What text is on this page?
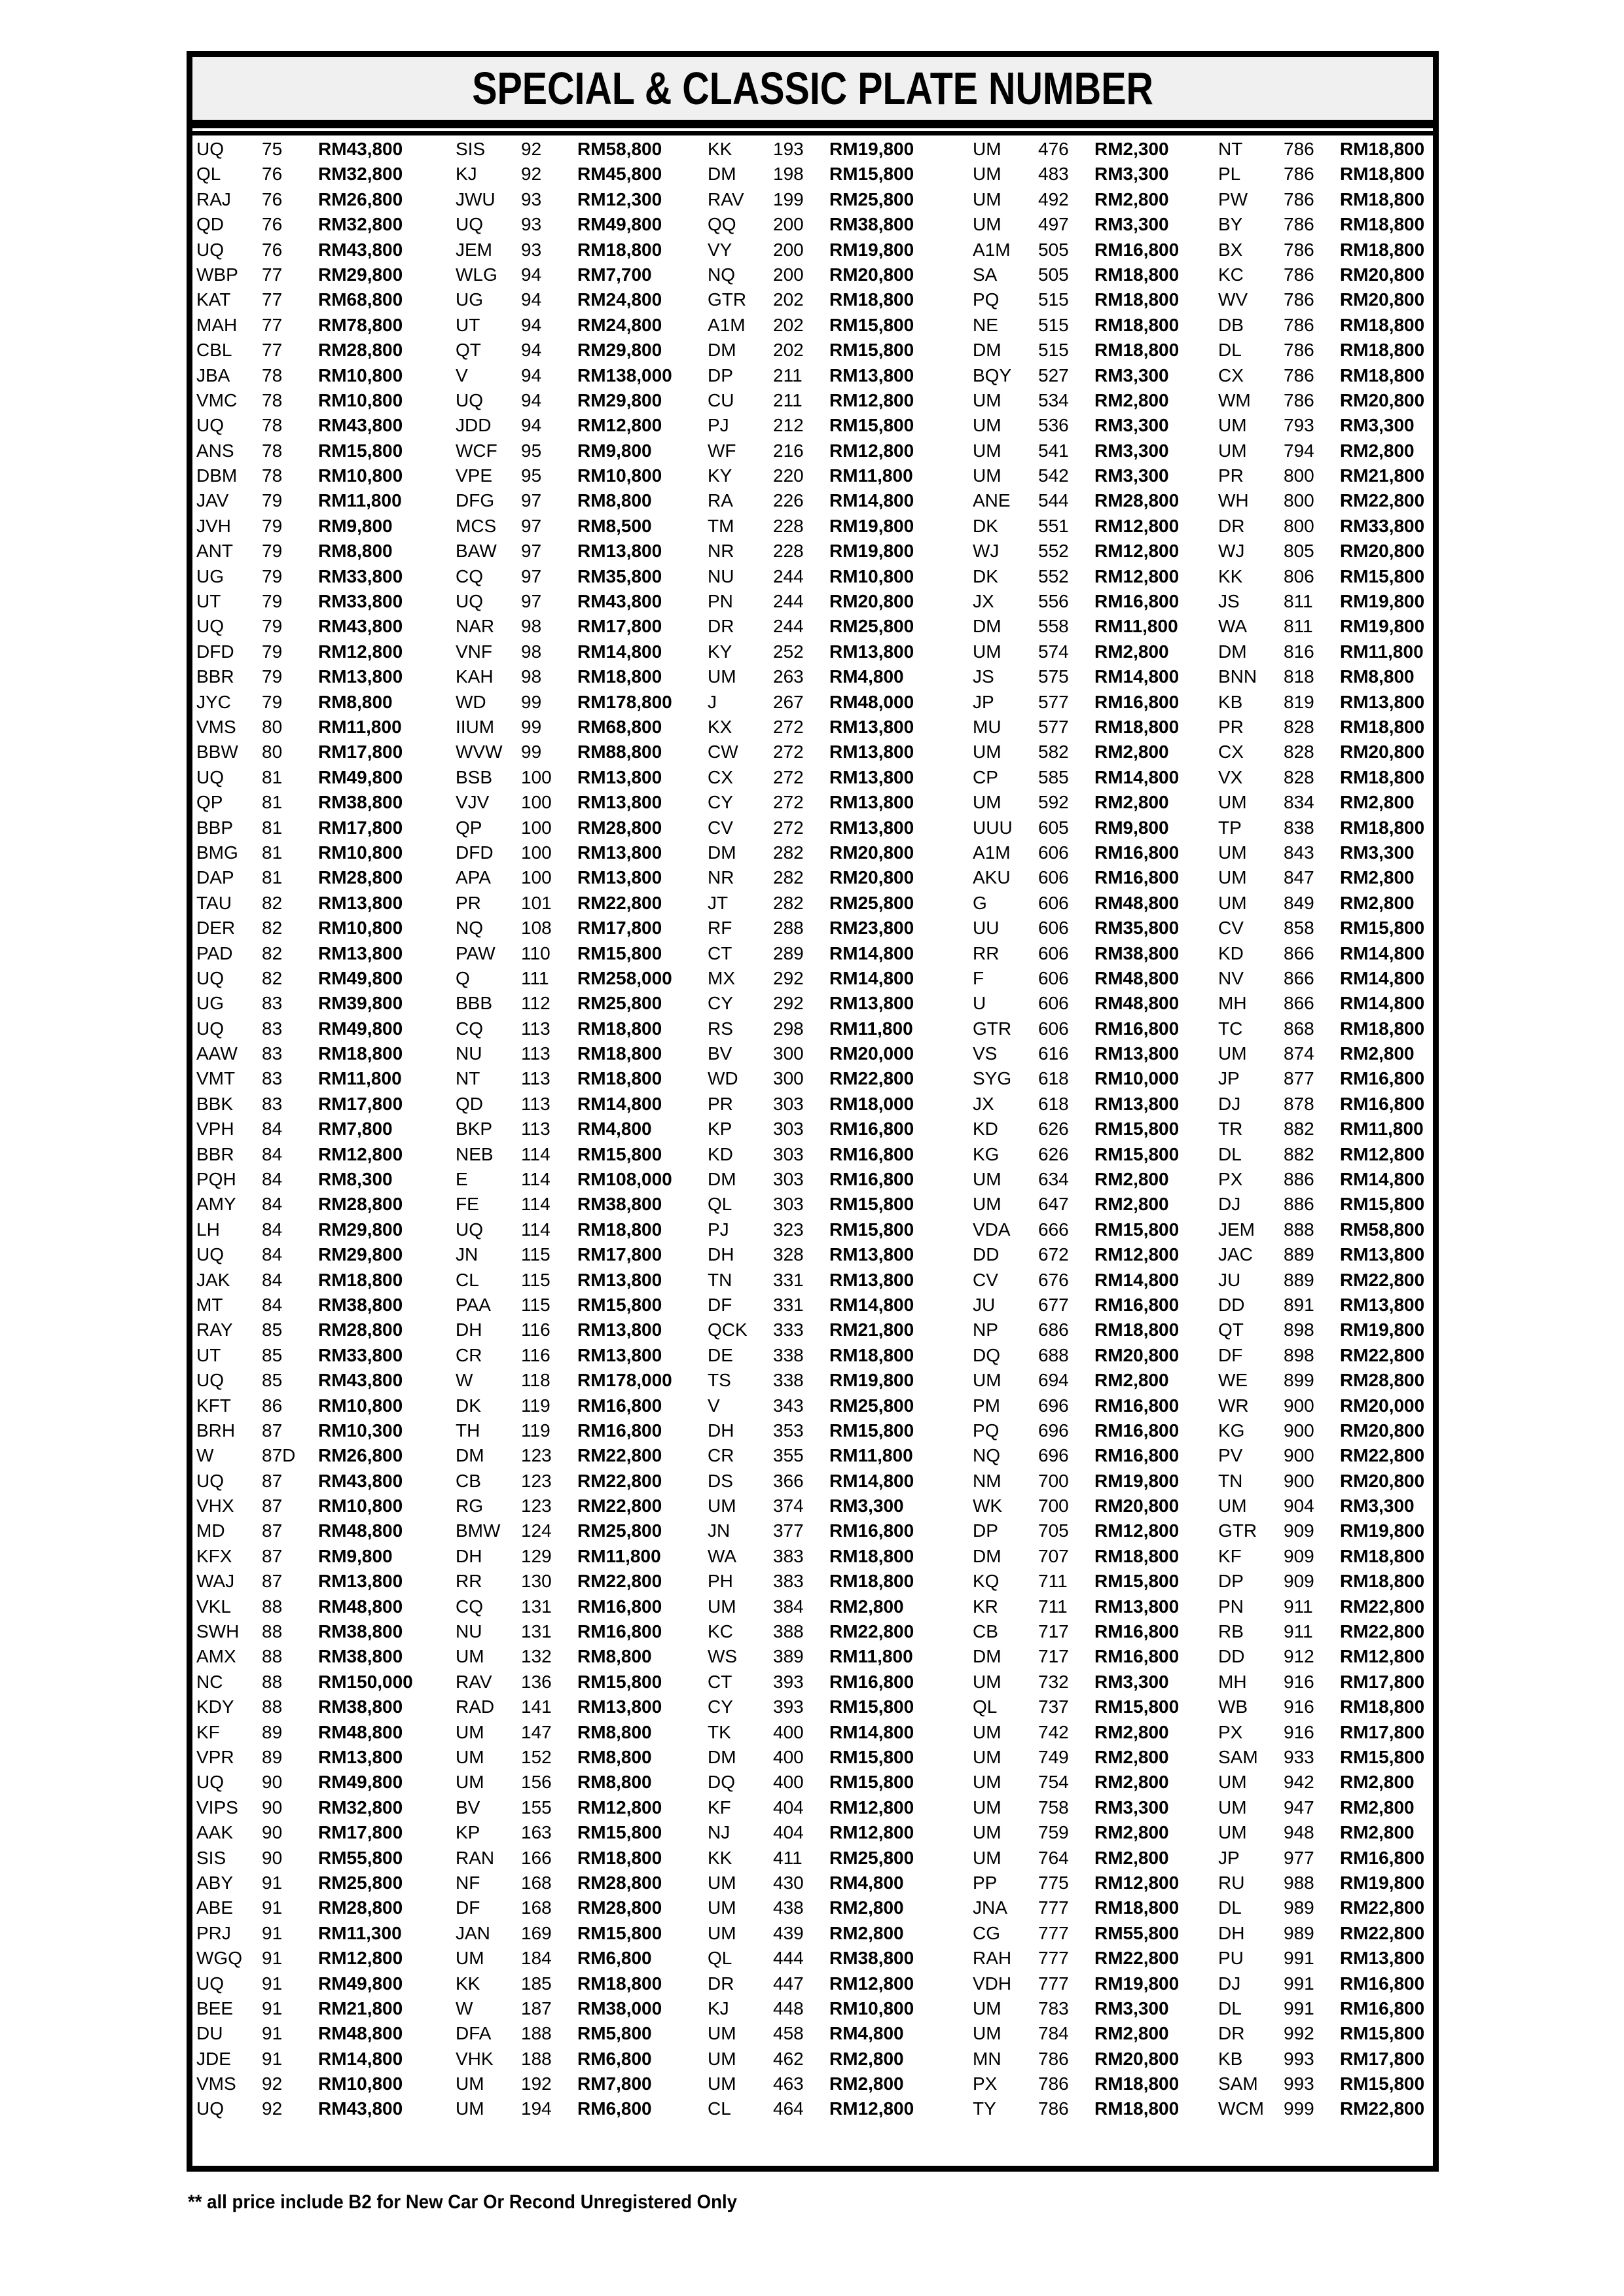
SPECIAL & CLASSIC PLATE NUMBER
UQ	75	RM43,800	SIS	92	RM58,800	KK	193	RM19,800	UM	476	RM2,300	NT	786	RM18,800
QL	76	RM32,800	KJ	92	RM45,800	DM	198	RM15,800	UM	483	RM3,300	PL	786	RM18,800
RAJ	76	RM26,800	JWU	93	RM12,300	RAV	199	RM25,800	UM	492	RM2,800	PW	786	RM18,800
QD	76	RM32,800	UQ	93	RM49,800	QQ	200	RM38,800	UM	497	RM3,300	BY	786	RM18,800
UQ	76	RM43,800	JEM	93	RM18,800	VY	200	RM19,800	A1M	505	RM16,800	BX	786	RM18,800
WBP	77	RM29,800	WLG	94	RM7,700	NQ	200	RM20,800	SA	505	RM18,800	KC	786	RM20,800
KAT	77	RM68,800	UG	94	RM24,800	GTR	202	RM18,800	PQ	515	RM18,800	WV	786	RM20,800
MAH	77	RM78,800	UT	94	RM24,800	A1M	202	RM15,800	NE	515	RM18,800	DB	786	RM18,800
CBL	77	RM28,800	QT	94	RM29,800	DM	202	RM15,800	DM	515	RM18,800	DL	786	RM18,800
JBA	78	RM10,800	V	94	RM138,000	DP	211	RM13,800	BQY	527	RM3,300	CX	786	RM18,800
VMC	78	RM10,800	UQ	94	RM29,800	CU	211	RM12,800	UM	534	RM2,800	WM	786	RM20,800
UQ	78	RM43,800	JDD	94	RM12,800	PJ	212	RM15,800	UM	536	RM3,300	UM	793	RM3,300
ANS	78	RM15,800	WCF	95	RM9,800	WF	216	RM12,800	UM	541	RM3,300	UM	794	RM2,800
DBM	78	RM10,800	VPE	95	RM10,800	KY	220	RM11,800	UM	542	RM3,300	PR	800	RM21,800
JAV	79	RM11,800	DFG	97	RM8,800	RA	226	RM14,800	ANE	544	RM28,800	WH	800	RM22,800
JVH	79	RM9,800	MCS	97	RM8,500	TM	228	RM19,800	DK	551	RM12,800	DR	800	RM33,800
ANT	79	RM8,800	BAW	97	RM13,800	NR	228	RM19,800	WJ	552	RM12,800	WJ	805	RM20,800
UG	79	RM33,800	CQ	97	RM35,800	NU	244	RM10,800	DK	552	RM12,800	KK	806	RM15,800
UT	79	RM33,800	UQ	97	RM43,800	PN	244	RM20,800	JX	556	RM16,800	JS	811	RM19,800
UQ	79	RM43,800	NAR	98	RM17,800	DR	244	RM25,800	DM	558	RM11,800	WA	811	RM19,800
DFD	79	RM12,800	VNF	98	RM14,800	KY	252	RM13,800	UM	574	RM2,800	DM	816	RM11,800
BBR	79	RM13,800	KAH	98	RM18,800	UM	263	RM4,800	JS	575	RM14,800	BNN	818	RM8,800
JYC	79	RM8,800	WD	99	RM178,800	J	267	RM48,000	JP	577	RM16,800	KB	819	RM13,800
VMS	80	RM11,800	IIUM	99	RM68,800	KX	272	RM13,800	MU	577	RM18,800	PR	828	RM18,800
BBW	80	RM17,800	WVW	99	RM88,800	CW	272	RM13,800	UM	582	RM2,800	CX	828	RM20,800
UQ	81	RM49,800	BSB	100	RM13,800	CX	272	RM13,800	CP	585	RM14,800	VX	828	RM18,800
QP	81	RM38,800	VJV	100	RM13,800	CY	272	RM13,800	UM	592	RM2,800	UM	834	RM2,800
BBP	81	RM17,800	QP	100	RM28,800	CV	272	RM13,800	UUU	605	RM9,800	TP	838	RM18,800
BMG	81	RM10,800	DFD	100	RM13,800	DM	282	RM20,800	A1M	606	RM16,800	UM	843	RM3,300
DAP	81	RM28,800	APA	100	RM13,800	NR	282	RM20,800	AKU	606	RM16,800	UM	847	RM2,800
TAU	82	RM13,800	PR	101	RM22,800	JT	282	RM25,800	G	606	RM48,800	UM	849	RM2,800
DER	82	RM10,800	NQ	108	RM17,800	RF	288	RM23,800	UU	606	RM35,800	CV	858	RM15,800
PAD	82	RM13,800	PAW	110	RM15,800	CT	289	RM14,800	RR	606	RM38,800	KD	866	RM14,800
UQ	82	RM49,800	Q	111	RM258,000	MX	292	RM14,800	F	606	RM48,800	NV	866	RM14,800
UG	83	RM39,800	BBB	112	RM25,800	CY	292	RM13,800	U	606	RM48,800	MH	866	RM14,800
UQ	83	RM49,800	CQ	113	RM18,800	RS	298	RM11,800	GTR	606	RM16,800	TC	868	RM18,800
AAW	83	RM18,800	NU	113	RM18,800	BV	300	RM20,000	VS	616	RM13,800	UM	874	RM2,800
VMT	83	RM11,800	NT	113	RM18,800	WD	300	RM22,800	SYG	618	RM10,000	JP	877	RM16,800
BBK	83	RM17,800	QD	113	RM14,800	PR	303	RM18,000	JX	618	RM13,800	DJ	878	RM16,800
VPH	84	RM7,800	BKP	113	RM4,800	KP	303	RM16,800	KD	626	RM15,800	TR	882	RM11,800
BBR	84	RM12,800	NEB	114	RM15,800	KD	303	RM16,800	KG	626	RM15,800	DL	882	RM12,800
PQH	84	RM8,300	E	114	RM108,000	DM	303	RM16,800	UM	634	RM2,800	PX	886	RM14,800
AMY	84	RM28,800	FE	114	RM38,800	QL	303	RM15,800	UM	647	RM2,800	DJ	886	RM15,800
LH	84	RM29,800	UQ	114	RM18,800	PJ	323	RM15,800	VDA	666	RM15,800	JEM	888	RM58,800
UQ	84	RM29,800	JN	115	RM17,800	DH	328	RM13,800	DD	672	RM12,800	JAC	889	RM13,800
JAK	84	RM18,800	CL	115	RM13,800	TN	331	RM13,800	CV	676	RM14,800	JU	889	RM22,800
MT	84	RM38,800	PAA	115	RM15,800	DF	331	RM14,800	JU	677	RM16,800	DD	891	RM13,800
RAY	85	RM28,800	DH	116	RM13,800	QCK	333	RM21,800	NP	686	RM18,800	QT	898	RM19,800
UT	85	RM33,800	CR	116	RM13,800	DE	338	RM18,800	DQ	688	RM20,800	DF	898	RM22,800
UQ	85	RM43,800	W	118	RM178,000	TS	338	RM19,800	UM	694	RM2,800	WE	899	RM28,800
KFT	86	RM10,800	DK	119	RM16,800	V	343	RM25,800	PM	696	RM16,800	WR	900	RM20,000
BRH	87	RM10,300	TH	119	RM16,800	DH	353	RM15,800	PQ	696	RM16,800	KG	900	RM20,800
W	87D	RM26,800	DM	123	RM22,800	CR	355	RM11,800	NQ	696	RM16,800	PV	900	RM22,800
UQ	87	RM43,800	CB	123	RM22,800	DS	366	RM14,800	NM	700	RM19,800	TN	900	RM20,800
VHX	87	RM10,800	RG	123	RM22,800	UM	374	RM3,300	WK	700	RM20,800	UM	904	RM3,300
MD	87	RM48,800	BMW	124	RM25,800	JN	377	RM16,800	DP	705	RM12,800	GTR	909	RM19,800
KFX	87	RM9,800	DH	129	RM11,800	WA	383	RM18,800	DM	707	RM18,800	KF	909	RM18,800
WAJ	87	RM13,800	RR	130	RM22,800	PH	383	RM18,800	KQ	711	RM15,800	DP	909	RM18,800
VKL	88	RM48,800	CQ	131	RM16,800	UM	384	RM2,800	KR	711	RM13,800	PN	911	RM22,800
SWH	88	RM38,800	NU	131	RM16,800	KC	388	RM22,800	CB	717	RM16,800	RB	911	RM22,800
AMX	88	RM38,800	UM	132	RM8,800	WS	389	RM11,800	DM	717	RM16,800	DD	912	RM12,800
NC	88	RM150,000	RAV	136	RM15,800	CT	393	RM16,800	UM	732	RM3,300	MH	916	RM17,800
KDY	88	RM38,800	RAD	141	RM13,800	CY	393	RM15,800	QL	737	RM15,800	WB	916	RM18,800
KF	89	RM48,800	UM	147	RM8,800	TK	400	RM14,800	UM	742	RM2,800	PX	916	RM17,800
VPR	89	RM13,800	UM	152	RM8,800	DM	400	RM15,800	UM	749	RM2,800	SAM	933	RM15,800
UQ	90	RM49,800	UM	156	RM8,800	DQ	400	RM15,800	UM	754	RM2,800	UM	942	RM2,800
VIPS	90	RM32,800	BV	155	RM12,800	KF	404	RM12,800	UM	758	RM3,300	UM	947	RM2,800
AAK	90	RM17,800	KP	163	RM15,800	NJ	404	RM12,800	UM	759	RM2,800	UM	948	RM2,800
SIS	90	RM55,800	RAN	166	RM18,800	KK	411	RM25,800	UM	764	RM2,800	JP	977	RM16,800
ABY	91	RM25,800	NF	168	RM28,800	UM	430	RM4,800	PP	775	RM12,800	RU	988	RM19,800
ABE	91	RM28,800	DF	168	RM28,800	UM	438	RM2,800	JNA	777	RM18,800	DL	989	RM22,800
PRJ	91	RM11,300	JAN	169	RM15,800	UM	439	RM2,800	CG	777	RM55,800	DH	989	RM22,800
WGQ	91	RM12,800	UM	184	RM6,800	QL	444	RM38,800	RAH	777	RM22,800	PU	991	RM13,800
UQ	91	RM49,800	KK	185	RM18,800	DR	447	RM12,800	VDH	777	RM19,800	DJ	991	RM16,800
BEE	91	RM21,800	W	187	RM38,000	KJ	448	RM10,800	UM	783	RM3,300	DL	991	RM16,800
DU	91	RM48,800	DFA	188	RM5,800	UM	458	RM4,800	UM	784	RM2,800	DR	992	RM15,800
JDE	91	RM14,800	VHK	188	RM6,800	UM	462	RM2,800	MN	786	RM20,800	KB	993	RM17,800
VMS	92	RM10,800	UM	192	RM7,800	UM	463	RM2,800	PX	786	RM18,800	SAM	993	RM15,800
UQ	92	RM43,800	UM	194	RM6,800	CL	464	RM12,800	TY	786	RM18,800	WCM	999	RM22,800
** all price include B2 for New Car Or Recond Unregistered Only
